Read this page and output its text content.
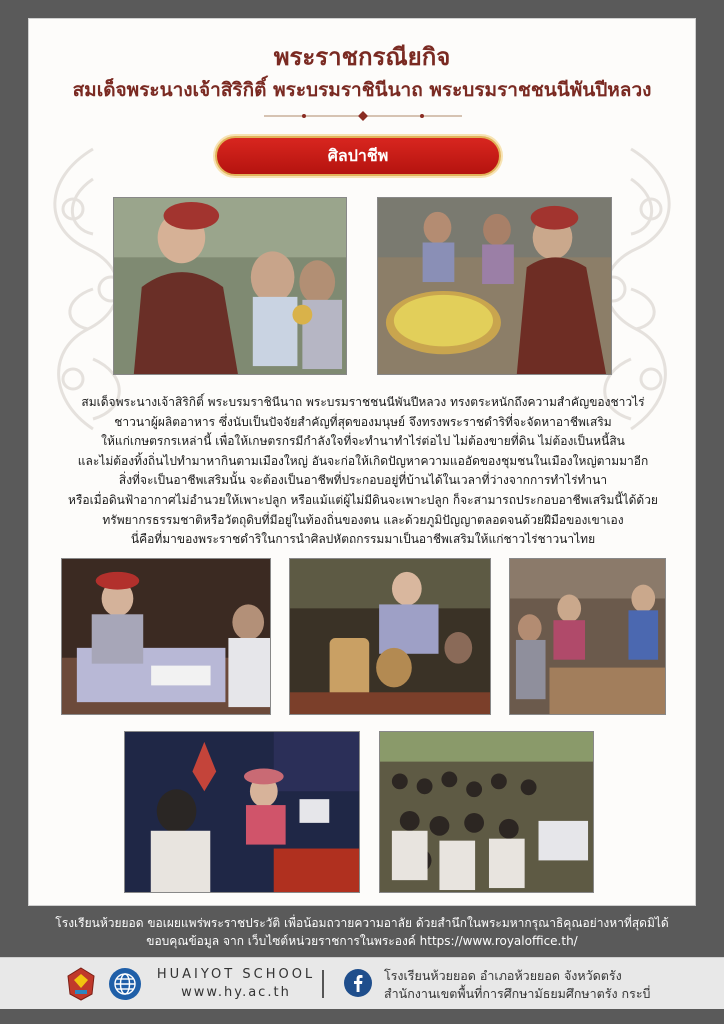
พระราชกรณียกิจ
สมเด็จพระนางเจ้าสิริกิติ์ พระบรมราชินีนาถ พระบรมราชชนนีพันปีหลวง
ศิลปาชีพ
สมเด็จพระนางเจ้าสิริกิติ์ พระบรมราชินีนาถ พระบรมราชชนนีพันปีหลวง ทรงตระหนักถึงความสำคัญของชาวไร่
ชาวนาผู้ผลิตอาหาร ซึ่งนับเป็นปัจจัยสำคัญที่สุดของมนุษย์ จึงทรงพระราชดำริที่จะจัดหาอาชีพเสริม
ให้แก่เกษตรกรเหล่านี้ เพื่อให้เกษตรกรมีกำลังใจที่จะทำนาทำไร่ต่อไป ไม่ต้องขายที่ดิน ไม่ต้องเป็นหนี้สิน
และไม่ต้องทิ้งถิ่นไปทำมาหากินตามเมืองใหญ่ อันจะก่อให้เกิดปัญหาความแออัดของชุมชนในเมืองใหญ่ตามมาอีก
สิ่งที่จะเป็นอาชีพเสริมนั้น จะต้องเป็นอาชีพที่ประกอบอยู่ที่บ้านได้ในเวลาที่ว่างจากการทำไร่ทำนา
หรือเมื่อดินฟ้าอากาศไม่อำนวยให้เพาะปลูก หรือแม้แต่ผู้ไม่มีดินจะเพาะปลูก ก็จะสามารถประกอบอาชีพเสริมนี้ได้ด้วย
ทรัพยากรธรรมชาติหรือวัตถุดิบที่มีอยู่ในท้องถิ่นของตน และด้วยภูมิปัญญาตลอดจนด้วยฝีมือของเขาเอง
นี่คือที่มาของพระราชดำริในการนำศิลปหัตถกรรมมาเป็นอาชีพเสริมให้แก่ชาวไร่ชาวนาไทย
โรงเรียนห้วยยอด ขอเผยแพร่พระราชประวัติ เพื่อน้อมถวายความอาลัย ด้วยสำนึกในพระมหากรุณาธิคุณอย่างหาที่สุดมิได้
ขอบคุณข้อมูล จาก เว็บไซต์หน่วยราชการในพระองค์ https://www.royaloffice.th/
HUAIYOT SCHOOL
www.hy.ac.th
โรงเรียนห้วยยอด อำเภอห้วยยอด จังหวัดตรัง
สำนักงานเขตพื้นที่การศึกษามัธยมศึกษาตรัง กระบี่
